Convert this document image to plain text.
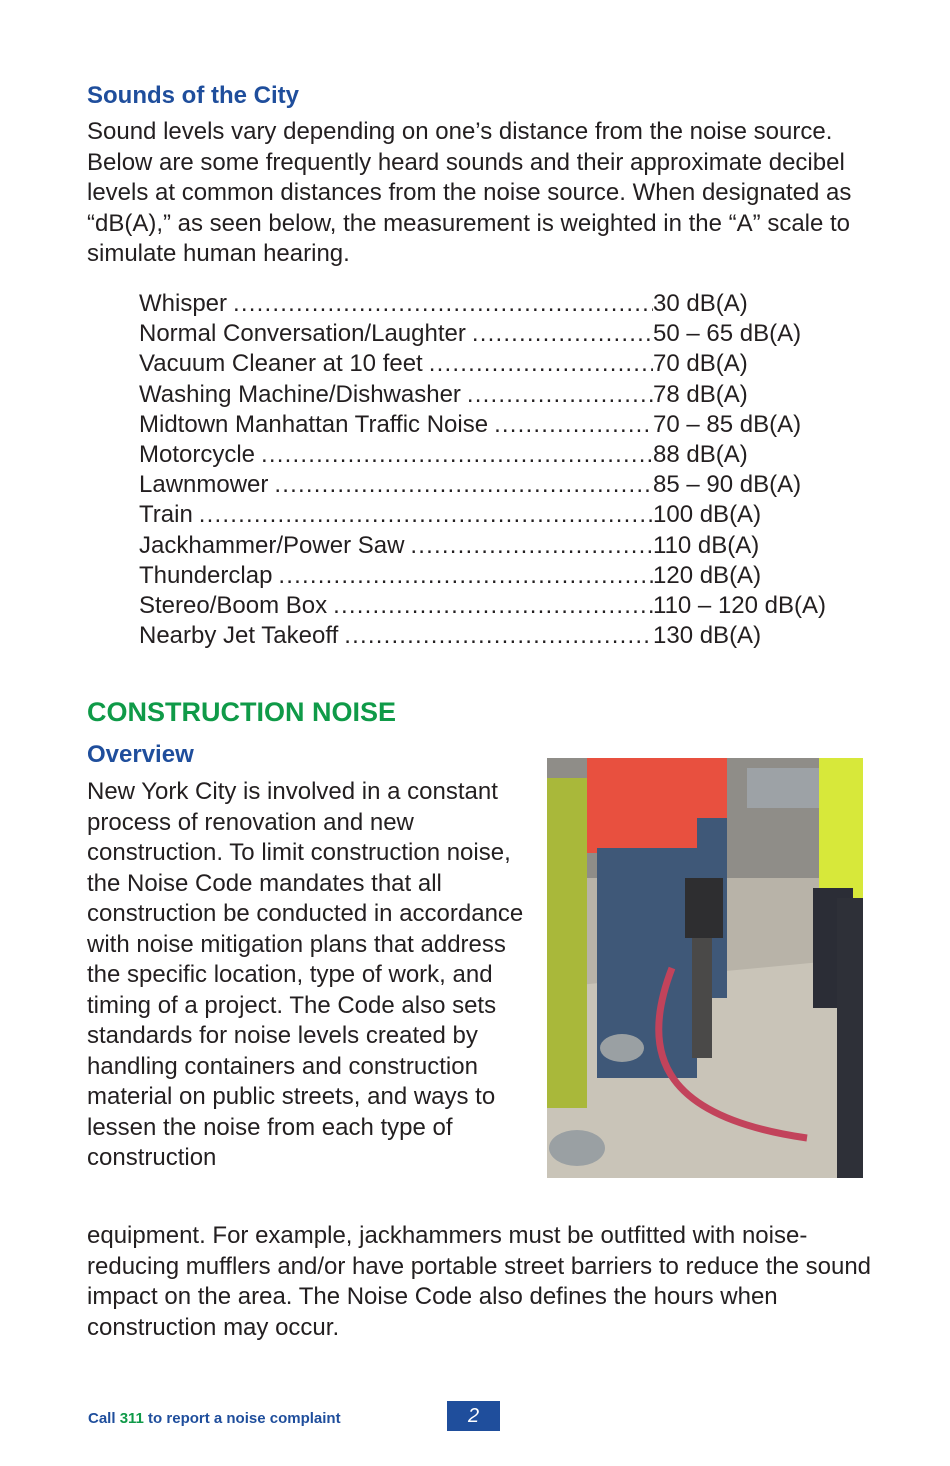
Sounds of the City

Sound levels vary depending on one’s distance from the noise source. Below are some frequently heard sounds and their approximate decibel levels at common distances from the noise source. When designated as “dB(A),” as seen below, the measurement is weighted in the “A” scale to simulate human hearing.

Whisper .....	30 dB(A)
Normal Conversation/Laughter .....	50 – 65 dB(A)
Vacuum Cleaner at 10 feet .....	70 dB(A)
Washing Machine/Dishwasher .....	78 dB(A)
Midtown Manhattan Traffic Noise .....	70 – 85 dB(A)
Motorcycle .....	88 dB(A)
Lawnmower .....	85 – 90 dB(A)
Train .....	100 dB(A)
Jackhammer/Power Saw .....	110 dB(A)
Thunderclap .....	120 dB(A)
Stereo/Boom Box .....	110 – 120 dB(A)
Nearby Jet Takeoff .....	130 dB(A)
CONSTRUCTION NOISE
Overview

New York City is involved in a constant process of renovation and new construction. To limit construction noise, the Noise Code mandates that all construction be conducted in accordance with noise mitigation plans that address the specific location, type of work, and timing of a project. The Code also sets standards for noise levels created by handling containers and construction material on public streets, and ways to lessen the noise from each type of construction

equipment. For example, jackhammers must be outfitted with noise-reducing mufflers and/or have portable street barriers to reduce the sound impact on the area. The Noise Code also defines the hours when construction may occur.

Call 311 to report a noise complaint	2
